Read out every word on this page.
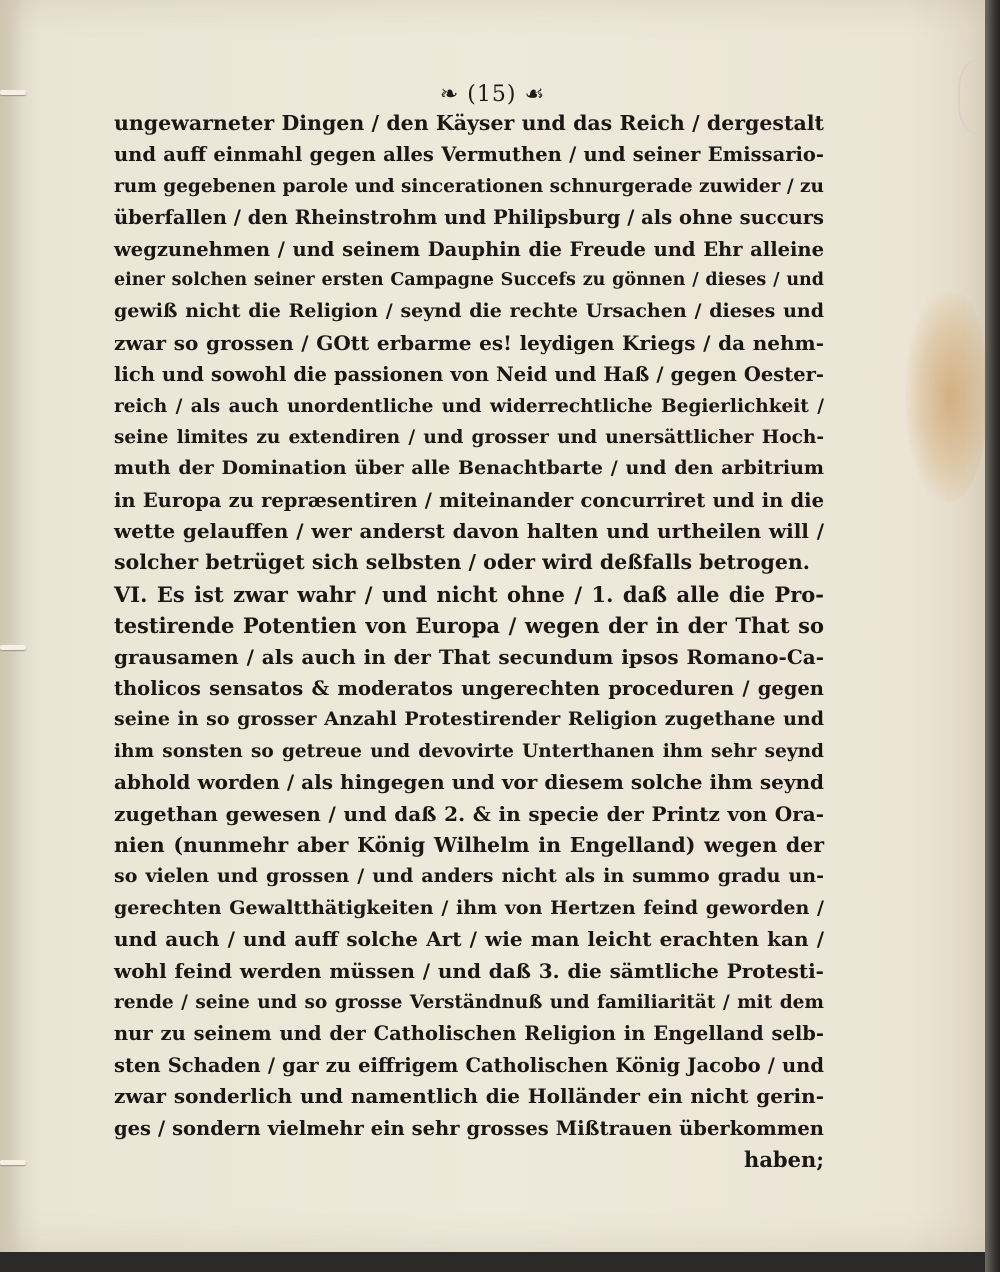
❧ (15) ☙
ungewarneter Dingen / den Käyser und das Reich / dergestalt
und auff einmahl gegen alles Vermuthen / und seiner Emissario-
rum gegebenen parole und sincerationen schnurgerade zuwider / zu
überfallen / den Rheinstrohm und Philipsburg / als ohne succurs
wegzunehmen / und seinem Dauphin die Freude und Ehr alleine
einer solchen seiner ersten Campagne Succefs zu gönnen / dieses / und
gewiß nicht die Religion / seynd die rechte Ursachen / dieses und
zwar so grossen / GOtt erbarme es! leydigen Kriegs / da nehm-
lich und sowohl die passionen von Neid und Haß / gegen Oester-
reich / als auch unordentliche und widerrechtliche Begierlichkeit /
seine limites zu extendiren / und grosser und unersättlicher Hoch-
muth der Domination über alle Benachtbarte / und den arbitrium
in Europa zu repræsentiren / miteinander concurriret und in die
wette gelauffen / wer anderst davon halten und urtheilen will /
solcher betrüget sich selbsten / oder wird deßfalls betrogen.
VI. Es ist zwar wahr / und nicht ohne / 1. daß alle die Pro-
testirende Potentien von Europa / wegen der in der That so
grausamen / als auch in der That secundum ipsos Romano-Ca-
tholicos sensatos & moderatos ungerechten proceduren / gegen
seine in so grosser Anzahl Protestirender Religion zugethane und
ihm sonsten so getreue und devovirte Unterthanen ihm sehr seynd
abhold worden / als hingegen und vor diesem solche ihm seynd
zugethan gewesen / und daß 2. & in specie der Printz von Ora-
nien (nunmehr aber König Wilhelm in Engelland) wegen der
so vielen und grossen / und anders nicht als in summo gradu un-
gerechten Gewaltthätigkeiten / ihm von Hertzen feind geworden /
und auch / und auff solche Art / wie man leicht erachten kan /
wohl feind werden müssen / und daß 3. die sämtliche Protesti-
rende / seine und so grosse Verständnuß und familiarität / mit dem
nur zu seinem und der Catholischen Religion in Engelland selb-
sten Schaden / gar zu eiffrigem Catholischen König Jacobo / und
zwar sonderlich und namentlich die Holländer ein nicht gerin-
ges / sondern vielmehr ein sehr grosses Mißtrauen überkommen
haben;
